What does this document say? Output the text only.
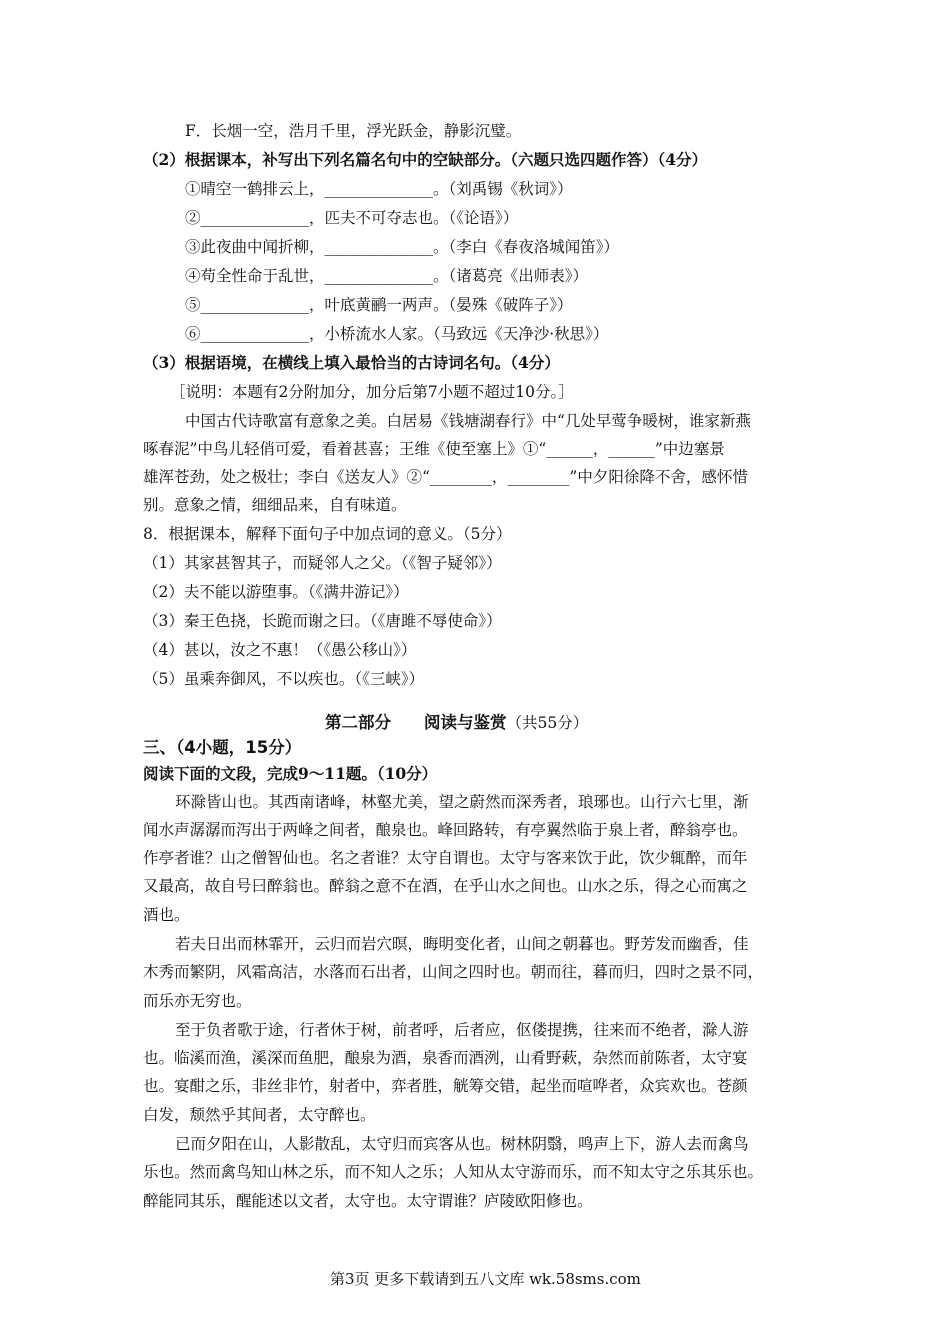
F．长烟一空，浩月千里，浮光跃金，静影沉璧。
（2）根据课本，补写出下列名篇名句中的空缺部分。（六题只选四题作答）（4分）
①晴空一鹤排云上，______________。（刘禹锡《秋词》）
②______________，匹夫不可夺志也。（《论语》）
③此夜曲中闻折柳，______________。（李白《春夜洛城闻笛》）
④苟全性命于乱世，______________。（诸葛亮《出师表》）
⑤______________，叶底黄鹂一两声。（晏殊《破阵子》）
⑥______________，小桥流水人家。（马致远《天净沙·秋思》）
（3）根据语境，在横线上填入最恰当的古诗词名句。（4分）
［说明：本题有2分附加分，加分后第7小题不超过10分。］
中国古代诗歌富有意象之美。白居易《钱塘湖春行》中“几处早莺争暖树，谁家新燕
啄春泥”中鸟儿轻俏可爱，看着甚喜；王维《使至塞上》①“______，______”中边塞景
雄浑苍劲，处之极壮；李白《送友人》②“________，________”中夕阳徐降不舍，感怀惜
别。意象之情，细细品来，自有味道。
8．根据课本，解释下面句子中加点词的意义。（5分）
（1）其家甚智其子，而疑邻人之父。（《智子疑邻》）
（2）夫不能以游堕事。（《满井游记》）
（3）秦王色挠，长跪而谢之曰。（《唐雎不辱使命》）
（4）甚以，汝之不惠！（《愚公移山》）
（5）虽乘奔御风，不以疾也。（《三峡》）
第二部分　　阅读与鉴赏（共55分）
三、（4小题，15分）
阅读下面的文段，完成9～11题。（10分）
环滁皆山也。其西南诸峰，林壑尤美，望之蔚然而深秀者，琅琊也。山行六七里，渐
闻水声潺潺而泻出于两峰之间者，酿泉也。峰回路转，有亭翼然临于泉上者，醉翁亭也。
作亭者谁？山之僧智仙也。名之者谁？太守自谓也。太守与客来饮于此，饮少辄醉，而年
又最高，故自号曰醉翁也。醉翁之意不在酒，在乎山水之间也。山水之乐，得之心而寓之
酒也。
若夫日出而林霏开，云归而岩穴暝，晦明变化者，山间之朝暮也。野芳发而幽香，佳
木秀而繁阴，风霜高洁，水落而石出者，山间之四时也。朝而往，暮而归，四时之景不同，
而乐亦无穷也。
至于负者歌于途，行者休于树，前者呼，后者应，伛偻提携，往来而不绝者，滁人游
也。临溪而渔，溪深而鱼肥，酿泉为酒，泉香而酒洌，山肴野蔌，杂然而前陈者，太守宴
也。宴酣之乐，非丝非竹，射者中，弈者胜，觥筹交错，起坐而喧哗者，众宾欢也。苍颜
白发，颓然乎其间者，太守醉也。
已而夕阳在山，人影散乱，太守归而宾客从也。树林阴翳，鸣声上下，游人去而禽鸟
乐也。然而禽鸟知山林之乐，而不知人之乐；人知从太守游而乐，而不知太守之乐其乐也。
醉能同其乐，醒能述以文者，太守也。太守谓谁？庐陵欧阳修也。
第3页 更多下载请到五八文库 wk.58sms.com
